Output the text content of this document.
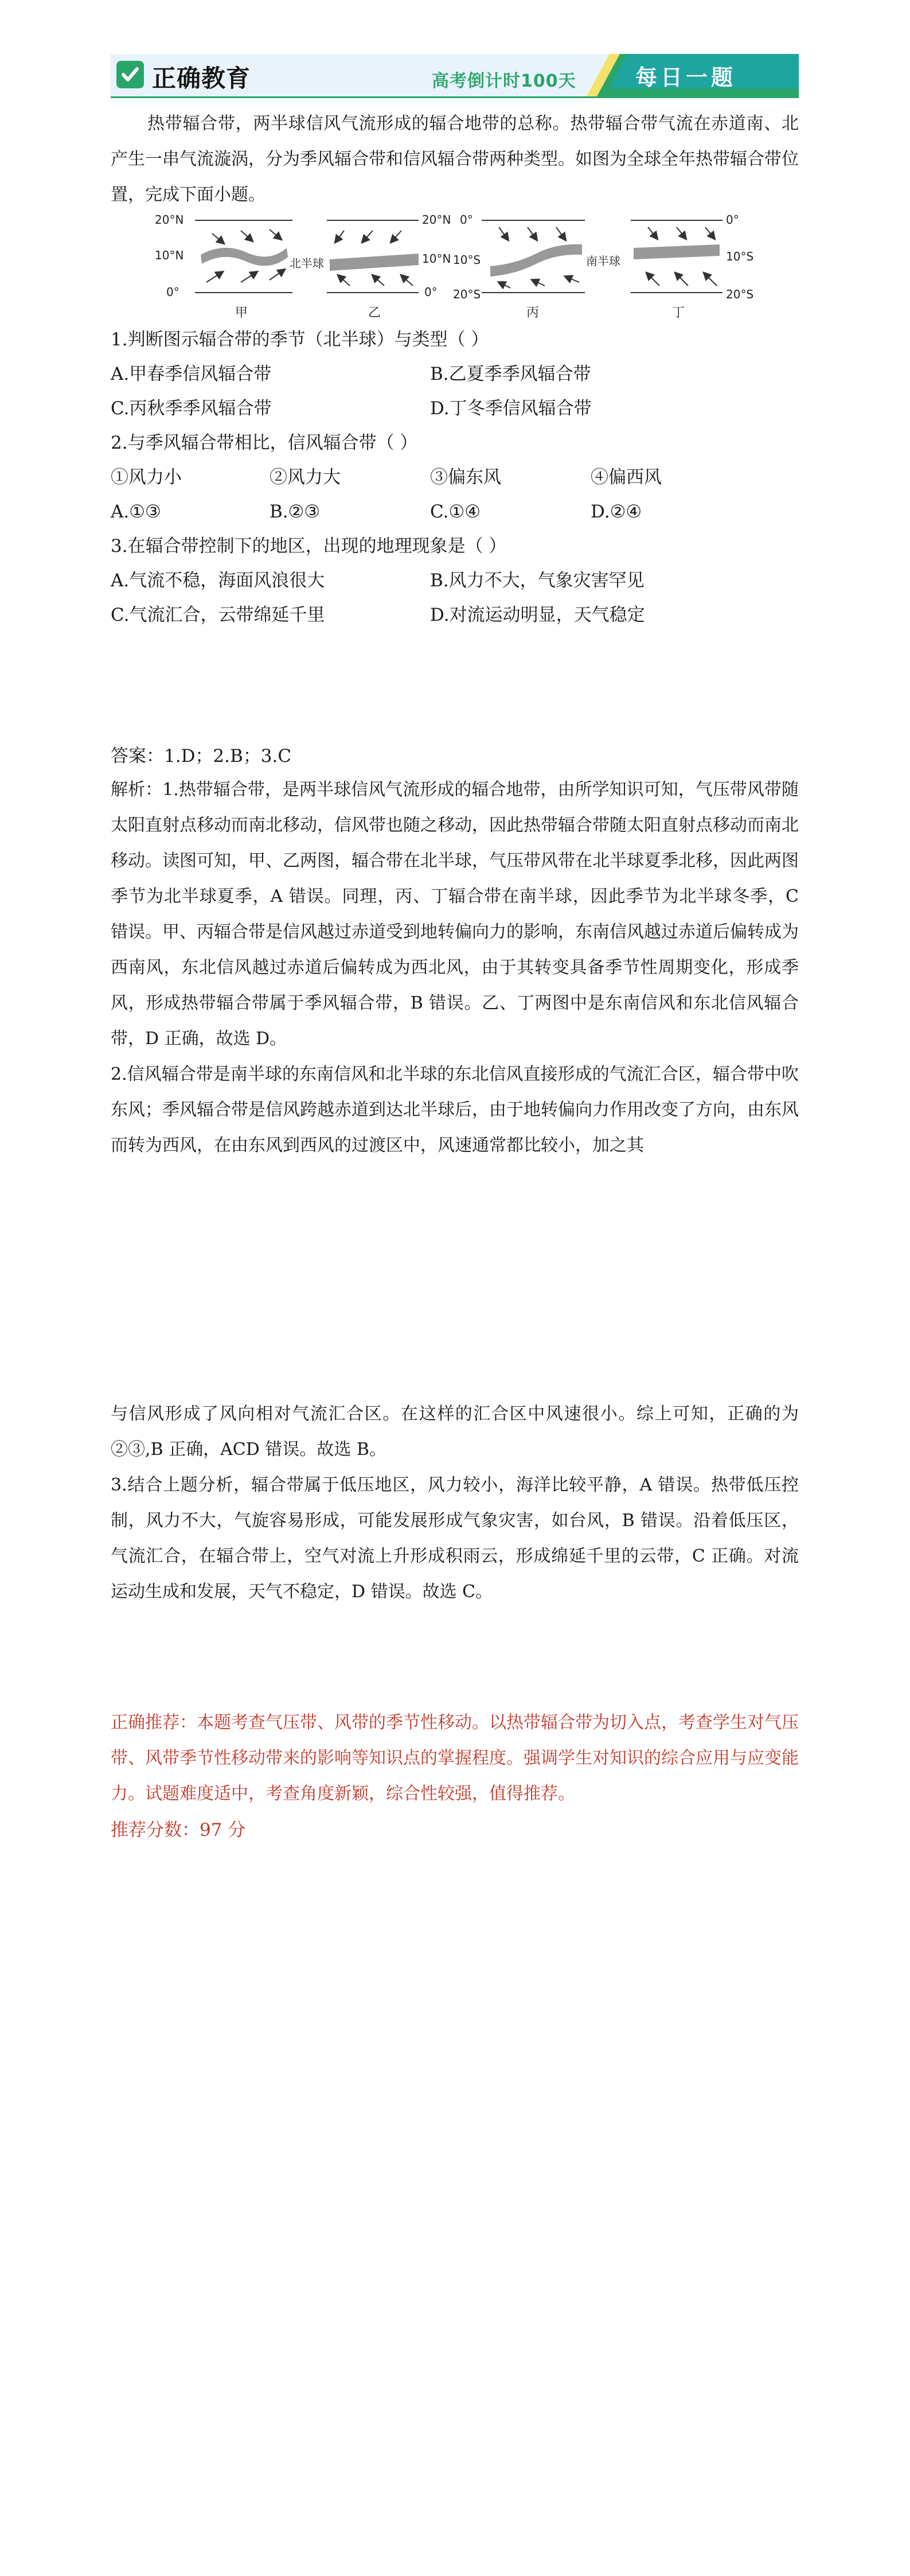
正确教育	高考倒计时100天	每日一题
热带辐合带，两半球信风气流形成的辐合地带的总称。热带辐合带气流在赤道南、北产生一串气流漩涡，分为季风辐合带和信风辐合带两种类型。如图为全球全年热带辐合带位置，完成下面小题。
20°N
10°N
0°
甲
北半球
20°N
10°N
0°
乙
0°
10°S
20°S
丙
南半球
0°
10°S
20°S
丁
1.判断图示辐合带的季节（北半球）与类型（ ）
A.甲春季信风辐合带	B.乙夏季季风辐合带
C.丙秋季季风辐合带	D.丁冬季信风辐合带
2.与季风辐合带相比，信风辐合带（ ）
①风力小	②风力大	③偏东风	④偏西风
A.①③	B.②③	C.①④	D.②④
3.在辐合带控制下的地区，出现的地理现象是（ ）
A.气流不稳，海面风浪很大	B.风力不大，气象灾害罕见
C.气流汇合，云带绵延千里	D.对流运动明显，天气稳定
答案：1.D；2.B；3.C
解析：1.热带辐合带，是两半球信风气流形成的辐合地带，由所学知识可知，气压带风带随太阳直射点移动而南北移动，信风带也随之移动，因此热带辐合带随太阳直射点移动而南北移动。读图可知，甲、乙两图，辐合带在北半球，气压带风带在北半球夏季北移，因此两图季节为北半球夏季，A 错误。同理，丙、丁辐合带在南半球，因此季节为北半球冬季，C 错误。甲、丙辐合带是信风越过赤道受到地转偏向力的影响，东南信风越过赤道后偏转成为西南风，东北信风越过赤道后偏转成为西北风，由于其转变具备季节性周期变化，形成季风，形成热带辐合带属于季风辐合带，B 错误。乙、丁两图中是东南信风和东北信风辐合带，D 正确，故选 D。
2.信风辐合带是南半球的东南信风和北半球的东北信风直接形成的气流汇合区，辐合带中吹东风；季风辐合带是信风跨越赤道到达北半球后，由于地转偏向力作用改变了方向，由东风而转为西风，在由东风到西风的过渡区中，风速通常都比较小，加之其
与信风形成了风向相对气流汇合区。在这样的汇合区中风速很小。综上可知，正确的为②③,B 正确，ACD 错误。故选 B。
3.结合上题分析，辐合带属于低压地区，风力较小，海洋比较平静，A 错误。热带低压控制，风力不大，气旋容易形成，可能发展形成气象灾害，如台风，B 错误。沿着低压区，气流汇合，在辐合带上，空气对流上升形成积雨云，形成绵延千里的云带，C 正确。对流运动生成和发展，天气不稳定，D 错误。故选 C。
正确推荐：本题考查气压带、风带的季节性移动。以热带辐合带为切入点，考查学生对气压带、风带季节性移动带来的影响等知识点的掌握程度。强调学生对知识的综合应用与应变能力。试题难度适中，考查角度新颖，综合性较强，值得推荐。
推荐分数：97 分
